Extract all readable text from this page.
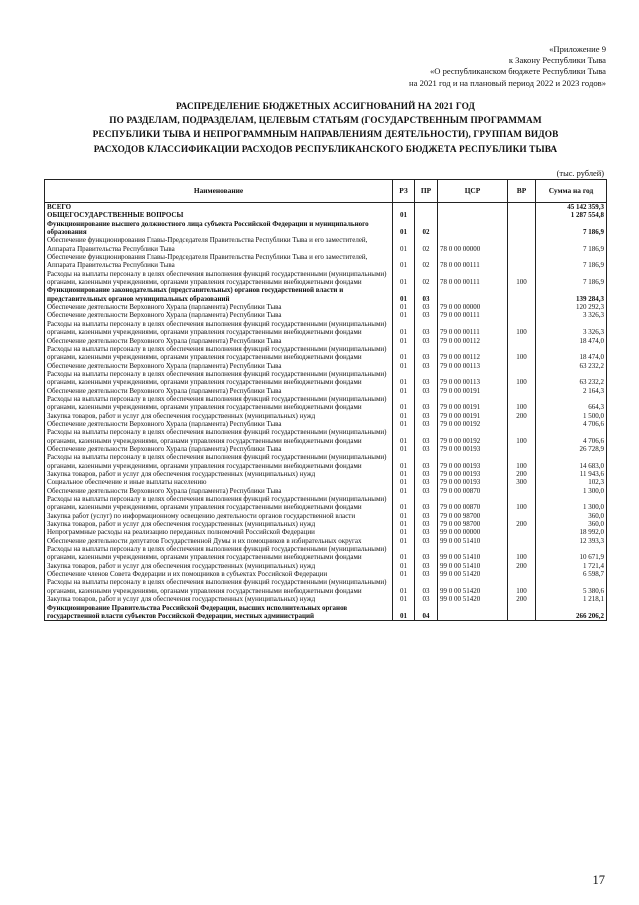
«Приложение 9
к Закону Республики Тыва
«О республиканском бюджете Республики Тыва
на 2021 год и на плановый период 2022 и 2023 годов»
РАСПРЕДЕЛЕНИЕ БЮДЖЕТНЫХ АССИГНОВАНИЙ НА 2021 ГОД
ПО РАЗДЕЛАМ, ПОДРАЗДЕЛАМ, ЦЕЛЕВЫМ СТАТЬЯМ (ГОСУДАРСТВЕННЫМ ПРОГРАММАМ
РЕСПУБЛИКИ ТЫВА И НЕПРОГРАММНЫМ НАПРАВЛЕНИЯМ ДЕЯТЕЛЬНОСТИ), ГРУППАМ ВИДОВ
РАСХОДОВ КЛАССИФИКАЦИИ РАСХОДОВ РЕСПУБЛИКАНСКОГО БЮДЖЕТА РЕСПУБЛИКИ ТЫВА
(тыс. рублей)
Наименование	РЗ	ПР	ЦСР	ВР	Сумма на год
ВСЕГО					45 142 359,3
ОБЩЕГОСУДАРСТВЕННЫЕ ВОПРОСЫ	01				1 287 554,8
Функционирование высшего должностного лица субъекта Российской Федерации и муниципального образования	01	02			7 186,9
Обеспечение функционирования Главы-Председателя Правительства Республики Тыва и его заместителей, Аппарата Правительства Республики Тыва	01	02	78 0 00 00000		7 186,9
Обеспечение функционирования Главы-Председателя Правительства Республики Тыва и его заместителей, Аппарата Правительства Республики Тыва	01	02	78 0 00 00111		7 186,9
Расходы на выплаты персоналу в целях обеспечения выполнения функций государственными (муниципальными) органами, казенными учреждениями, органами управления государственными внебюджетными фондами	01	02	78 0 00 00111	100	7 186,9
Функционирование законодательных (представительных) органов государственной власти и представительных органов муниципальных образований	01	03			139 284,3
Обеспечение деятельности Верховного Хурала (парламента) Республики Тыва	01	03	79 0 00 00000		120 292,3
Обеспечение деятельности Верховного Хурала (парламента) Республики Тыва	01	03	79 0 00 00111		3 326,3
Расходы на выплаты персоналу в целях обеспечения выполнения функций государственными (муниципальными) органами, казенными учреждениями, органами управления государственными внебюджетными фондами	01	03	79 0 00 00111	100	3 326,3
Обеспечение деятельности Верховного Хурала (парламента) Республики Тыва	01	03	79 0 00 00112		18 474,0
Расходы на выплаты персоналу в целях обеспечения выполнения функций государственными (муниципальными) органами, казенными учреждениями, органами управления государственными внебюджетными фондами	01	03	79 0 00 00112	100	18 474,0
Обеспечение деятельности Верховного Хурала (парламента) Республики Тыва	01	03	79 0 00 00113		63 232,2
Расходы на выплаты персоналу в целях обеспечения выполнения функций государственными (муниципальными) органами, казенными учреждениями, органами управления государственными внебюджетными фондами	01	03	79 0 00 00113	100	63 232,2
Обеспечение деятельности Верховного Хурала (парламента) Республики Тыва	01	03	79 0 00 00191		2 164,3
Расходы на выплаты персоналу в целях обеспечения выполнения функций государственными (муниципальными) органами, казенными учреждениями, органами управления государственными внебюджетными фондами	01	03	79 0 00 00191	100	664,3
Закупка товаров, работ и услуг для обеспечения государственных (муниципальных) нужд	01	03	79 0 00 00191	200	1 500,0
Обеспечение деятельности Верховного Хурала (парламента) Республики Тыва	01	03	79 0 00 00192		4 706,6
Расходы на выплаты персоналу в целях обеспечения выполнения функций государственными (муниципальными) органами, казенными учреждениями, органами управления государственными внебюджетными фондами	01	03	79 0 00 00192	100	4 706,6
Обеспечение деятельности Верховного Хурала (парламента) Республики Тыва	01	03	79 0 00 00193		26 728,9
Расходы на выплаты персоналу в целях обеспечения выполнения функций государственными (муниципальными) органами, казенными учреждениями, органами управления государственными внебюджетными фондами	01	03	79 0 00 00193	100	14 683,0
Закупка товаров, работ и услуг для обеспечения государственных (муниципальных) нужд	01	03	79 0 00 00193	200	11 943,6
Социальное обеспечение и иные выплаты населению	01	03	79 0 00 00193	300	102,3
Обеспечение деятельности Верховного Хурала (парламента) Республики Тыва	01	03	79 0 00 00870		1 300,0
Расходы на выплаты персоналу в целях обеспечения выполнения функций государственными (муниципальными) органами, казенными учреждениями, органами управления государственными внебюджетными фондами	01	03	79 0 00 00870	100	1 300,0
Закупка работ (услуг) по информационному освещению деятельности органов государственной власти	01	03	79 0 00 98700		360,0
Закупка товаров, работ и услуг для обеспечения государственных (муниципальных) нужд	01	03	79 0 00 98700	200	360,0
Непрограммные расходы на реализацию переданных полномочий Российской Федерации	01	03	99 0 00 00000		18 992,0
Обеспечение деятельности депутатов Государственной Думы и их помощников в избирательных округах	01	03	99 0 00 51410		12 393,3
Расходы на выплаты персоналу в целях обеспечения выполнения функций государственными (муниципальными) органами, казенными учреждениями, органами управления государственными внебюджетными фондами	01	03	99 0 00 51410	100	10 671,9
Закупка товаров, работ и услуг для обеспечения государственных (муниципальных) нужд	01	03	99 0 00 51410	200	1 721,4
Обеспечение членов Совета Федерации и их помощников в субъектах Российской Федерации	01	03	99 0 00 51420		6 598,7
Расходы на выплаты персоналу в целях обеспечения выполнения функций государственными (муниципальными) органами, казенными учреждениями, органами управления государственными внебюджетными фондами	01	03	99 0 00 51420	100	5 380,6
Закупка товаров, работ и услуг для обеспечения государственных (муниципальных) нужд	01	03	99 0 00 51420	200	1 218,1
Функционирование Правительства Российской Федерации, высших исполнительных органов государственной власти субъектов Российской Федерации, местных администраций	01	04			266 206,2
17
